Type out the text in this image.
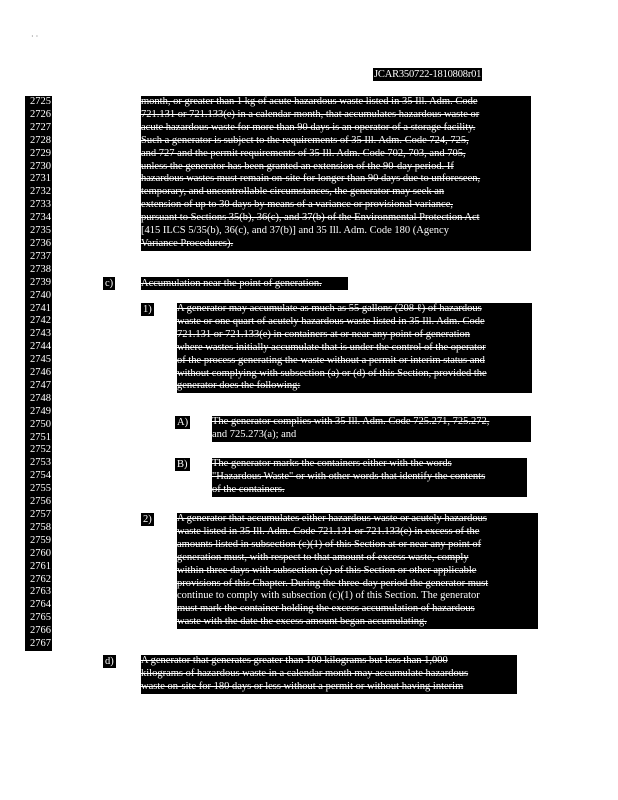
· ·
JCAR350722-1810808r01
2725
2726
2727
2728
2729
2730
2731
2732
2733
2734
2735
2736
2737
2738
2739
2740
2741
2742
2743
2744
2745
2746
2747
2748
2749
2750
2751
2752
2753
2754
2755
2756
2757
2758
2759
2760
2761
2762
2763
2764
2765
2766
2767
month, or greater than 1 kg of acute hazardous waste listed in 35 Ill. Adm. Code
721.131 or 721.133(e) in a calendar month, that accumulates hazardous waste or
acute hazardous waste for more than 90 days is an operator of a storage facility.
Such a generator is subject to the requirements of 35 Ill. Adm. Code 724, 725,
and 727 and the permit requirements of 35 Ill. Adm. Code 702, 703, and 705,
unless the generator has been granted an extension of the 90-day period. If
hazardous wastes must remain on-site for longer than 90 days due to unforeseen,
temporary, and uncontrollable circumstances, the generator may seek an
extension of up to 30 days by means of a variance or provisional variance,
pursuant to Sections 35(b), 36(c), and 37(b) of the Environmental Protection Act
[415 ILCS 5/35(b), 36(c), and 37(b)] and 35 Ill. Adm. Code 180 (Agency
Variance Procedures).
c)	Accumulation near the point of generation.
1) A generator may accumulate as much as 55 gallons (208 ℓ) of hazardous
waste or one quart of acutely hazardous waste listed in 35 Ill. Adm. Code
721.131 or 721.133(e) in containers at or near any point of generation
where wastes initially accumulate that is under the control of the operator
of the process generating the waste without a permit or interim status and
without complying with subsection (a) or (d) of this Section, provided the
generator does the following:
A) The generator complies with 35 Ill. Adm. Code 725.271, 725.272,
and 725.273(a); and
B) The generator marks the containers either with the words
"Hazardous Waste" or with other words that identify the contents
of the containers.
2) A generator that accumulates either hazardous waste or acutely hazardous
waste listed in 35 Ill. Adm. Code 721.131 or 721.133(e) in excess of the
amounts listed in subsection (c)(1) of this Section at or near any point of
generation must, with respect to that amount of excess waste, comply
within three days with subsection (a) of this Section or other applicable
provisions of this Chapter. During the three-day period the generator must
continue to comply with subsection (c)(1) of this Section. The generator
must mark the container holding the excess accumulation of hazardous
waste with the date the excess amount began accumulating.
d)	A generator that generates greater than 100 kilograms but less than 1,000
kilograms of hazardous waste in a calendar month may accumulate hazardous
waste on-site for 180 days or less without a permit or without having interim
